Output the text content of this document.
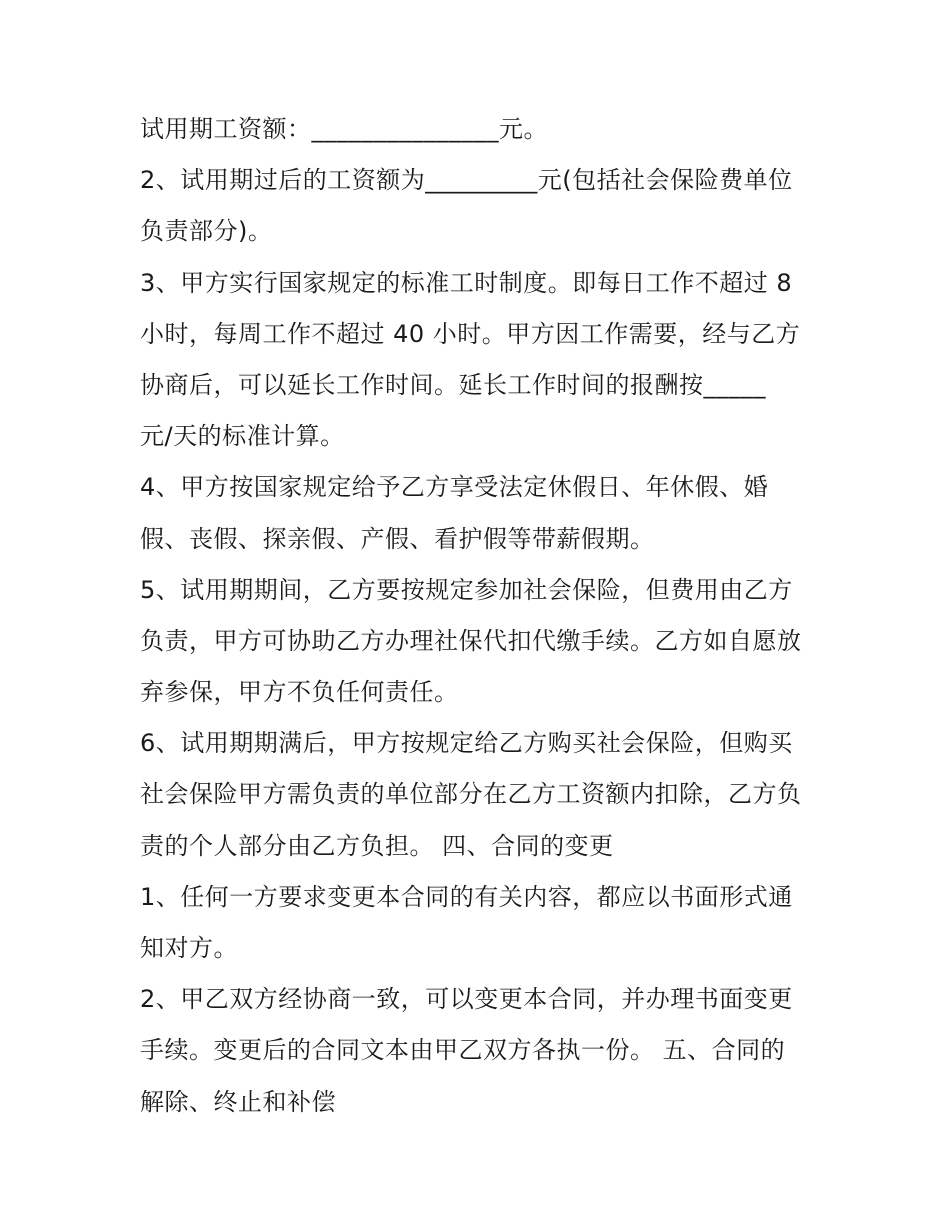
试用期工资额：_______________元。
2、试用期过后的工资额为_________元(包括社会保险费单位
负责部分)。
3、甲方实行国家规定的标准工时制度。即每日工作不超过 8
小时，每周工作不超过 40 小时。甲方因工作需要，经与乙方
协商后，可以延长工作时间。延长工作时间的报酬按_____
元/天的标准计算。
4、甲方按国家规定给予乙方享受法定休假日、年休假、婚
假、丧假、探亲假、产假、看护假等带薪假期。
5、试用期期间，乙方要按规定参加社会保险，但费用由乙方
负责，甲方可协助乙方办理社保代扣代缴手续。乙方如自愿放
弃参保，甲方不负任何责任。
6、试用期期满后，甲方按规定给乙方购买社会保险，但购买
社会保险甲方需负责的单位部分在乙方工资额内扣除，乙方负
责的个人部分由乙方负担。 四、合同的变更
1、任何一方要求变更本合同的有关内容，都应以书面形式通
知对方。
2、甲乙双方经协商一致，可以变更本合同，并办理书面变更
手续。变更后的合同文本由甲乙双方各执一份。 五、合同的
解除、终止和补偿
